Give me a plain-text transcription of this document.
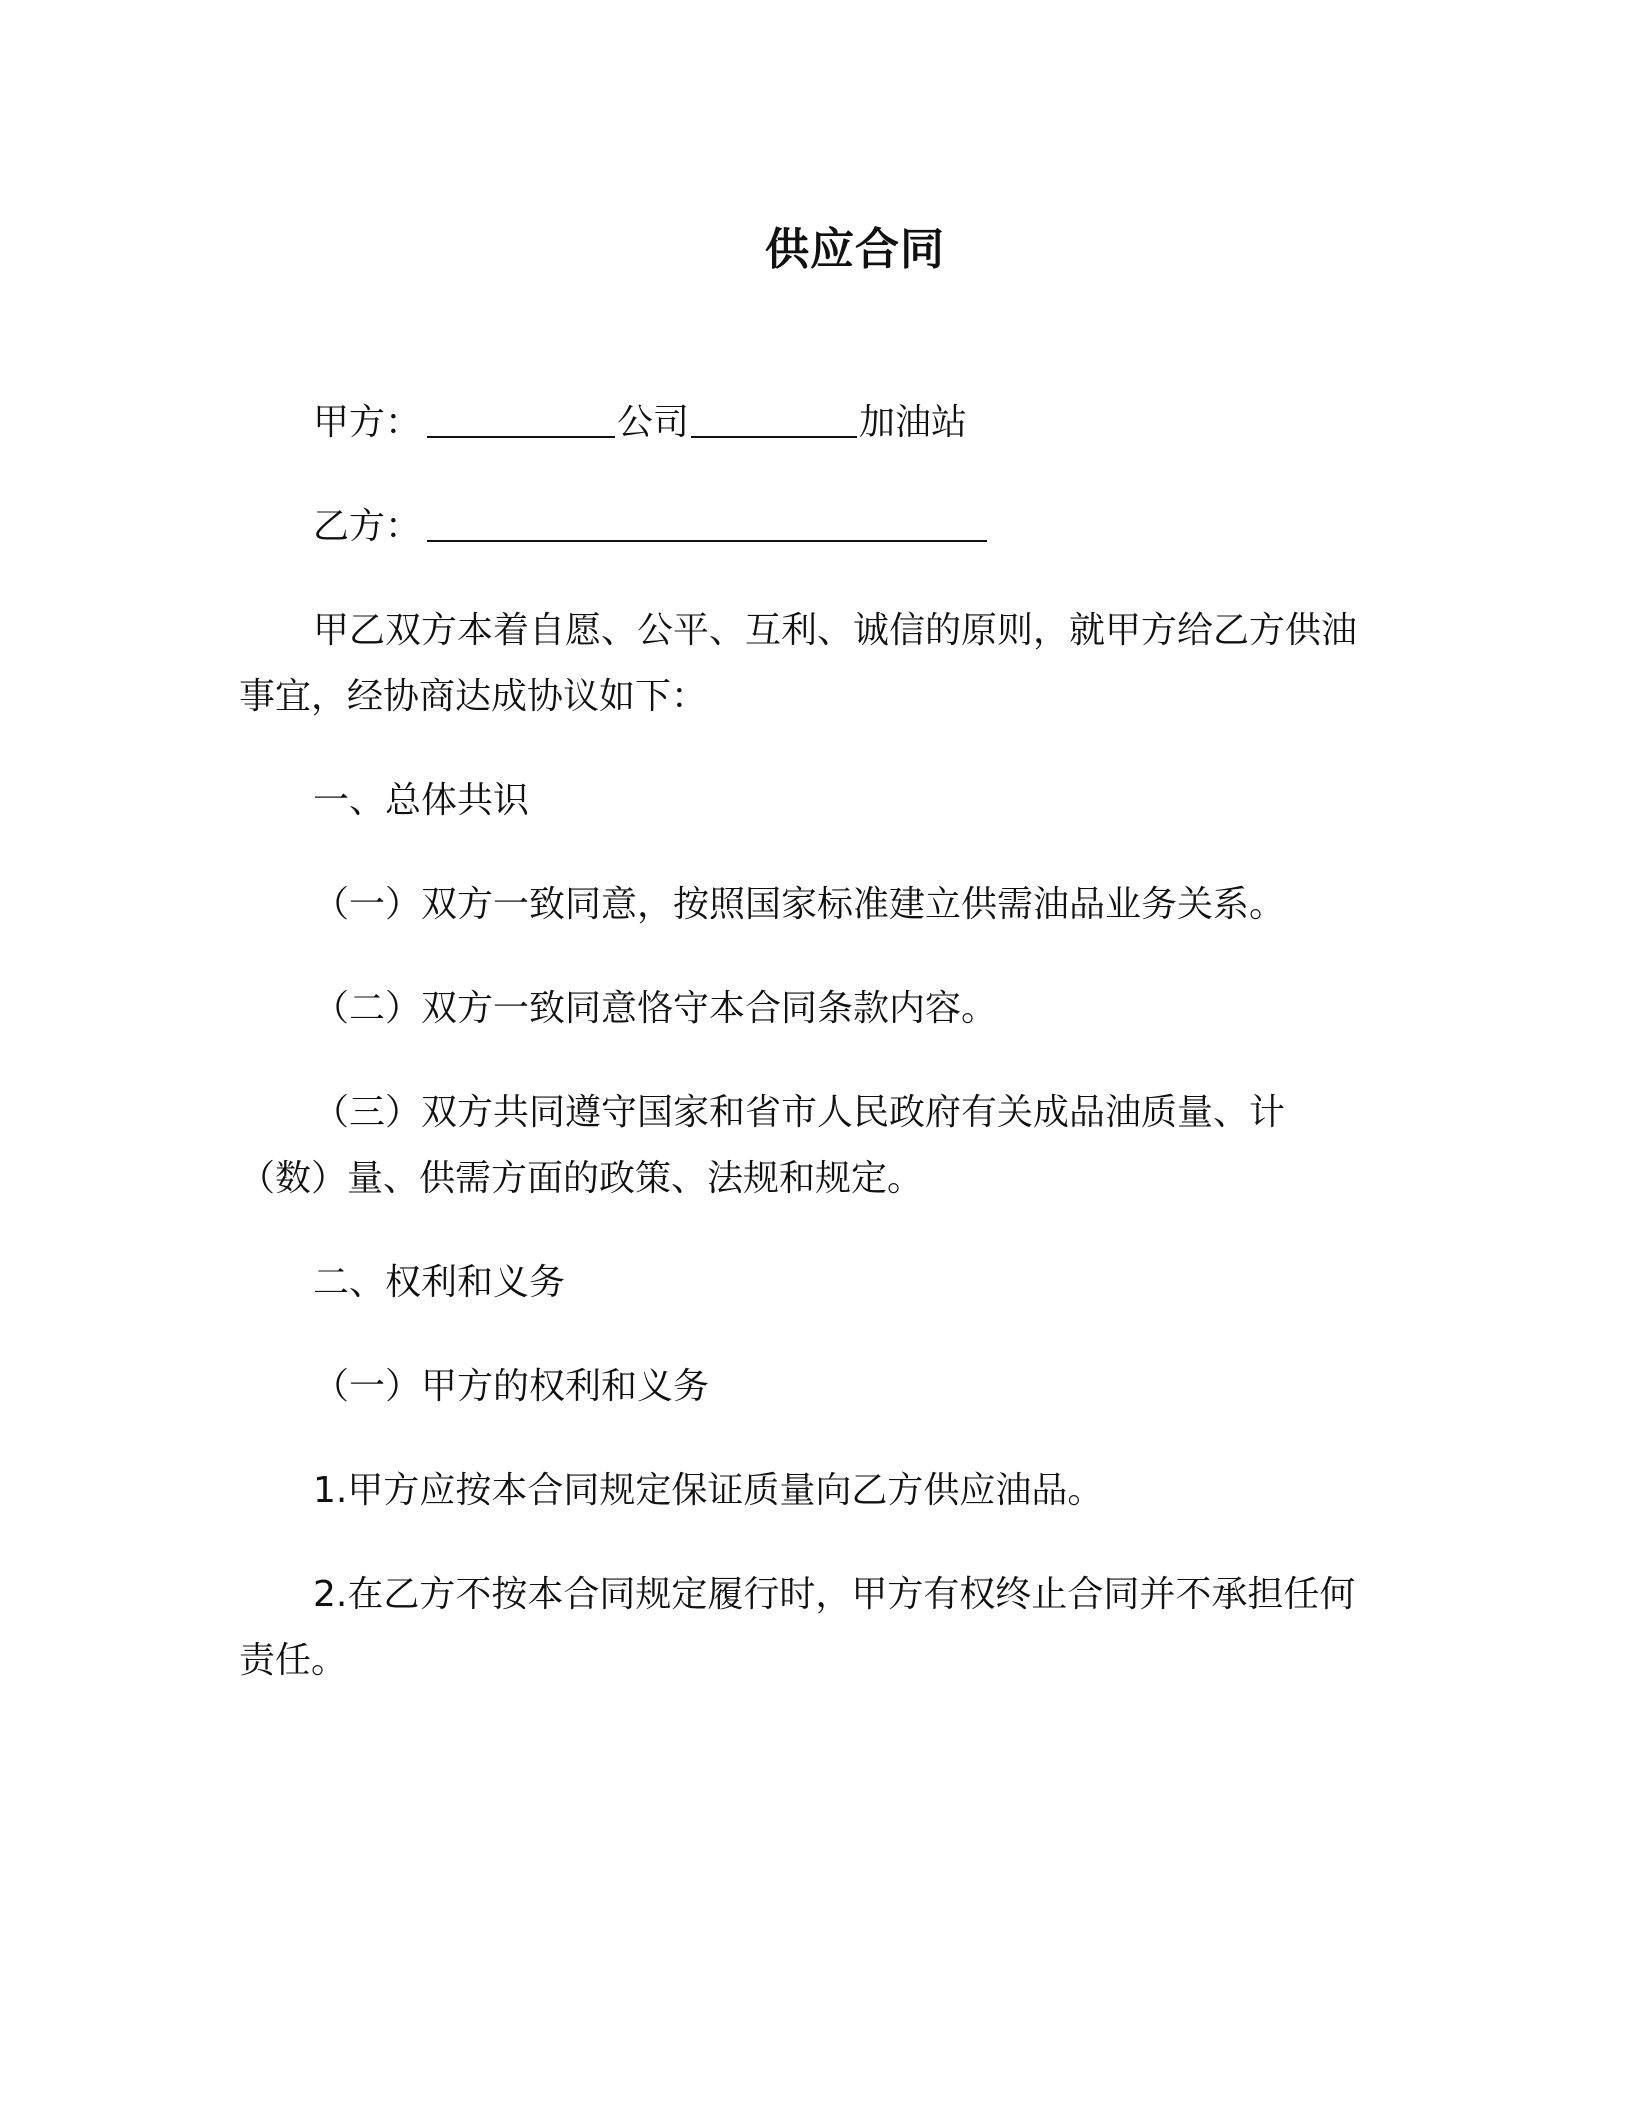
供应合同

甲方：	公司	加油站

乙方：

甲乙双方本着自愿、公平、互利、诚信的原则，就甲方给乙方供油事宜，经协商达成协议如下：

一、总体共识

（一）双方一致同意，按照国家标准建立供需油品业务关系。

（二）双方一致同意恪守本合同条款内容。

（三）双方共同遵守国家和省市人民政府有关成品油质量、计（数）量、供需方面的政策、法规和规定。

二、权利和义务

（一）甲方的权利和义务

1.甲方应按本合同规定保证质量向乙方供应油品。

2.在乙方不按本合同规定履行时，甲方有权终止合同并不承担任何责任。
